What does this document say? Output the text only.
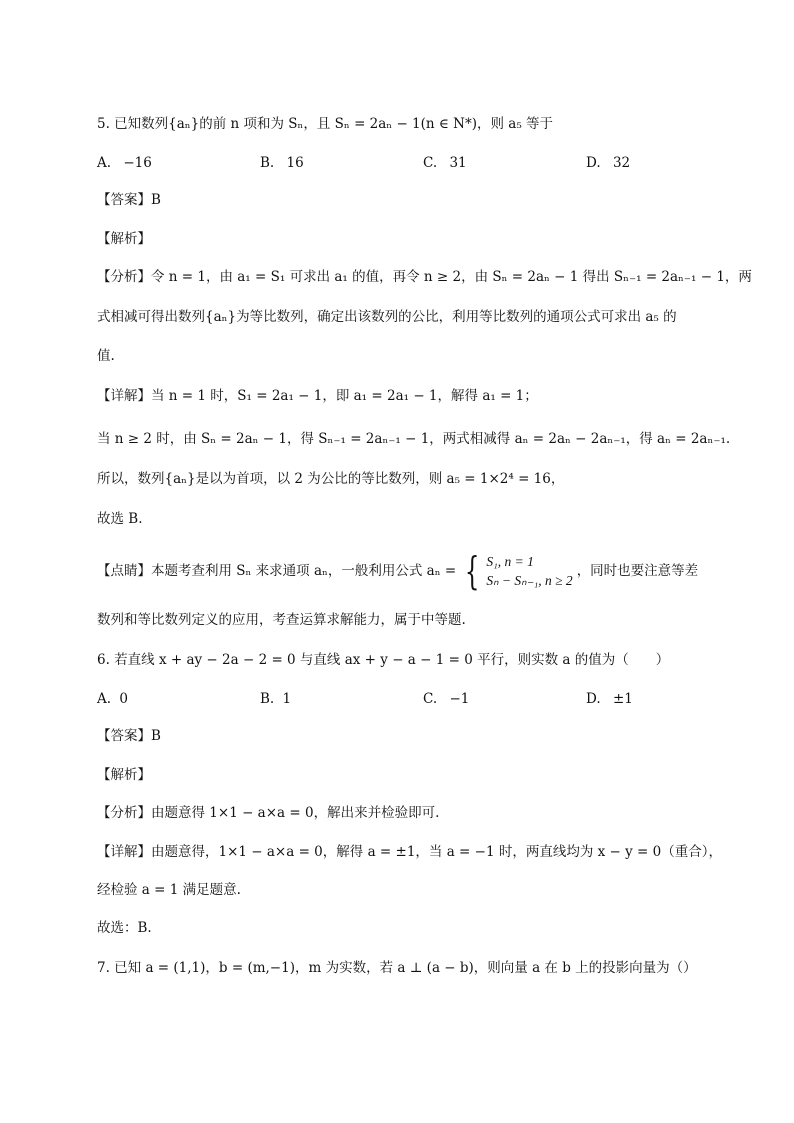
5. 已知数列{aₙ}的前 n 项和为 Sₙ，且 Sₙ = 2aₙ − 1(n ∈ N*)，则 a₅ 等于
A. −16	B. 16	C. 31	D. 32
【答案】B
【解析】
【分析】令 n = 1，由 a₁ = S₁ 可求出 a₁ 的值，再令 n ≥ 2，由 Sₙ = 2aₙ − 1 得出 Sₙ₋₁ = 2aₙ₋₁ − 1，两
式相减可得出数列{aₙ}为等比数列，确定出该数列的公比，利用等比数列的通项公式可求出 a₅ 的
值.
【详解】当 n = 1 时，S₁ = 2a₁ − 1，即 a₁ = 2a₁ − 1，解得 a₁ = 1；
当 n ≥ 2 时，由 Sₙ = 2aₙ − 1，得 Sₙ₋₁ = 2aₙ₋₁ − 1，两式相减得 aₙ = 2aₙ − 2aₙ₋₁，得 aₙ = 2aₙ₋₁.
所以，数列{aₙ}是以为首项，以 2 为公比的等比数列，则 a₅ = 1×2⁴ = 16，
故选 B.
【点睛】本题考查利用 Sₙ 来求通项 aₙ，一般利用公式 aₙ = { S₁, n = 1
Sₙ − Sₙ₋₁, n ≥ 2
，同时也要注意等差
数列和等比数列定义的应用，考查运算求解能力，属于中等题.
6. 若直线 x + ay − 2a − 2 = 0 与直线 ax + y − a − 1 = 0 平行，则实数 a 的值为（　　）
A. 0	B. 1	C. −1	D. ±1
【答案】B
【解析】
【分析】由题意得 1×1 − a×a = 0，解出来并检验即可.
【详解】由题意得，1×1 − a×a = 0，解得 a = ±1，当 a = −1 时，两直线均为 x − y = 0（重合），
经检验 a = 1 满足题意.
故选：B.
7. 已知 a = (1,1)，b = (m,−1)，m 为实数，若 a ⊥ (a − b)，则向量 a 在 b 上的投影向量为（）
